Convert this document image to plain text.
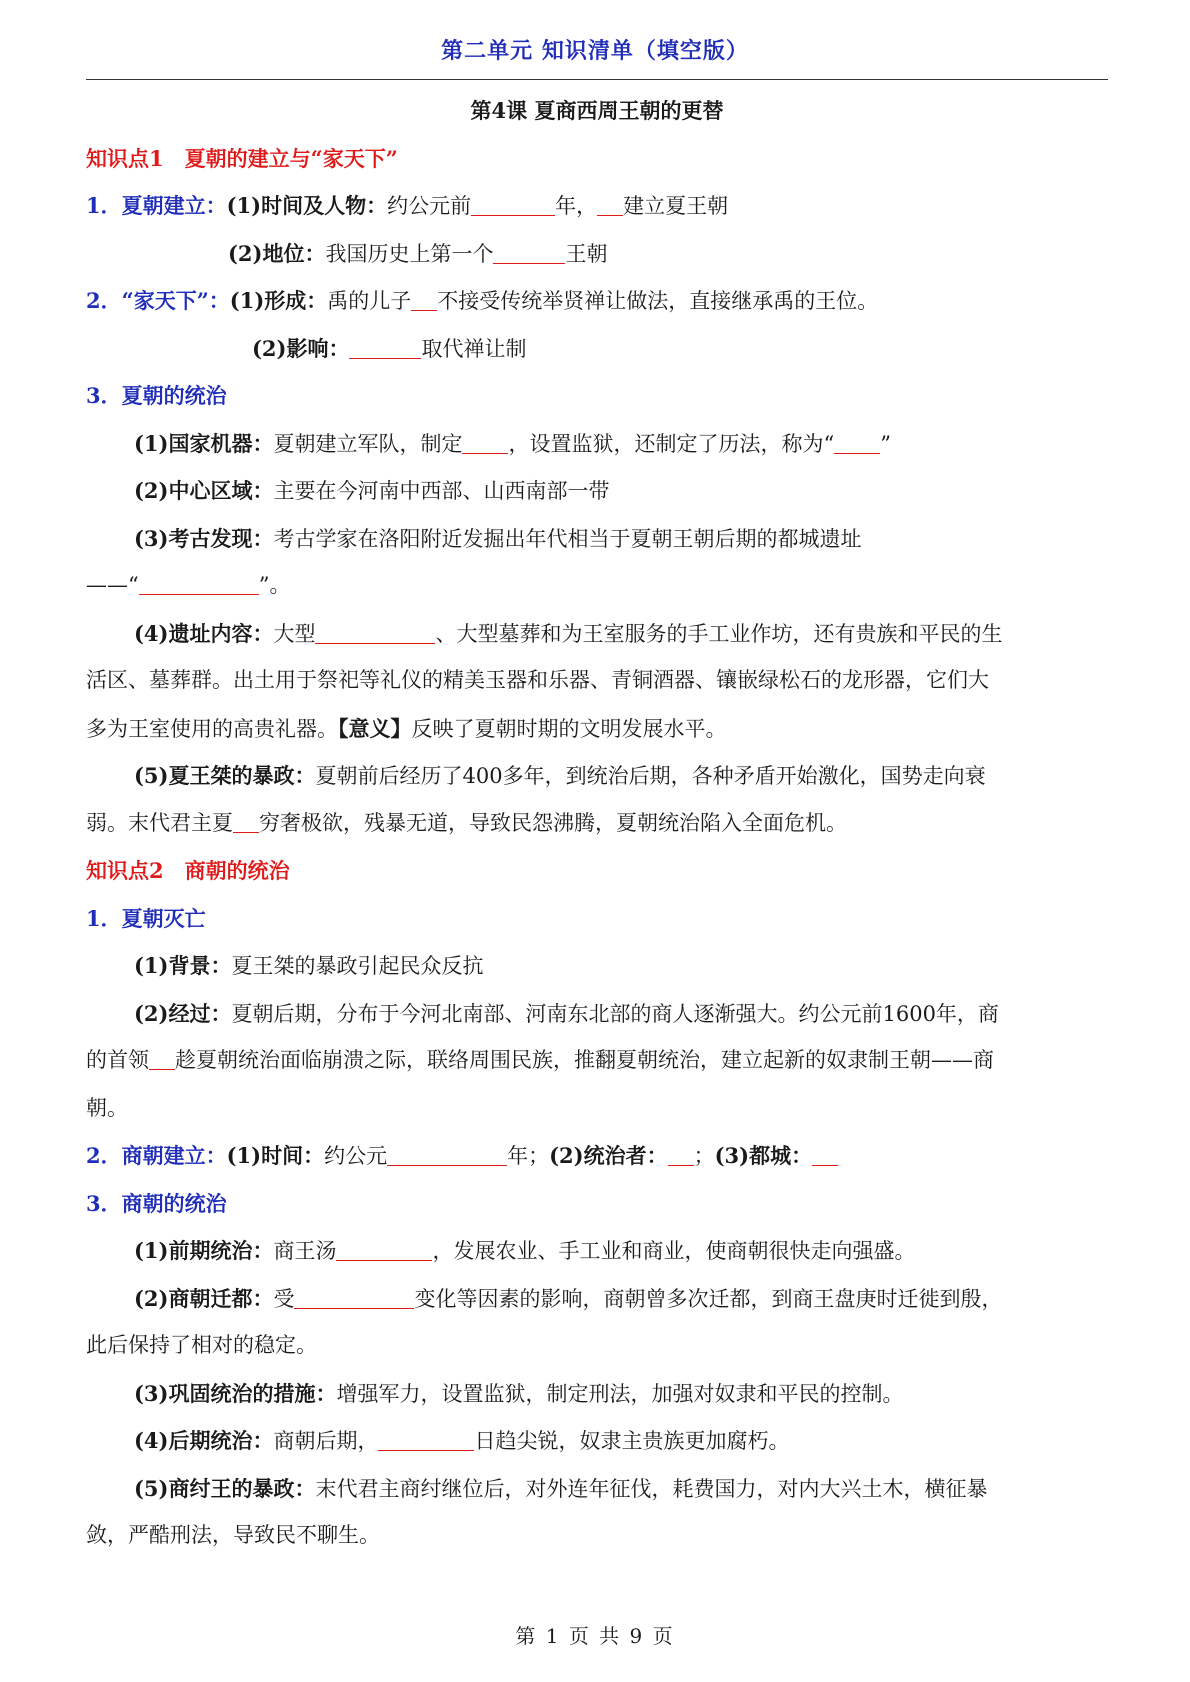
第二单元 知识清单（填空版）
第4课 夏商西周王朝的更替
知识点1　夏朝的建立与“家天下”
1．夏朝建立：(1)时间及人物：约公元前	年， 建立夏王朝
(2)地位：我国历史上第一个	王朝
2．“家天下”：(1)形成：禹的儿子 不接受传统举贤禅让做法，直接继承禹的王位。
(2)影响：	取代禅让制
3．夏朝的统治
(1)国家机器：夏朝建立军队，制定 ，设置监狱，还制定了历法，称为“ ”
(2)中心区域：主要在今河南中西部、山西南部一带
(3)考古发现：考古学家在洛阳附近发掘出年代相当于夏朝王朝后期的都城遗址
——“	”。
(4)遗址内容：大型	、大型墓葬和为王室服务的手工业作坊，还有贵族和平民的生
活区、墓葬群。出土用于祭祀等礼仪的精美玉器和乐器、青铜酒器、镶嵌绿松石的龙形器，它们大
多为王室使用的高贵礼器。【意义】反映了夏朝时期的文明发展水平。
(5)夏王桀的暴政：夏朝前后经历了400多年，到统治后期，各种矛盾开始激化，国势走向衰
弱。末代君主夏 穷奢极欲，残暴无道，导致民怨沸腾，夏朝统治陷入全面危机。
知识点2　商朝的统治
1．夏朝灭亡
(1)背景：夏王桀的暴政引起民众反抗
(2)经过：夏朝后期，分布于今河北南部、河南东北部的商人逐渐强大。约公元前1600年，商
的首领 趁夏朝统治面临崩溃之际，联络周围民族，推翻夏朝统治，建立起新的奴隶制王朝——商
朝。
2．商朝建立：(1)时间：约公元	年；(2)统治者： ；(3)都城：
3．商朝的统治
(1)前期统治：商王汤	，发展农业、手工业和商业，使商朝很快走向强盛。
(2)商朝迁都：受	变化等因素的影响，商朝曾多次迁都，到商王盘庚时迁徙到殷，
此后保持了相对的稳定。
(3)巩固统治的措施：增强军力，设置监狱，制定刑法，加强对奴隶和平民的控制。
(4)后期统治：商朝后期，	日趋尖锐，奴隶主贵族更加腐朽。
(5)商纣王的暴政：末代君主商纣继位后，对外连年征伐，耗费国力，对内大兴土木，横征暴
敛，严酷刑法，导致民不聊生。
第 1 页 共 9 页
